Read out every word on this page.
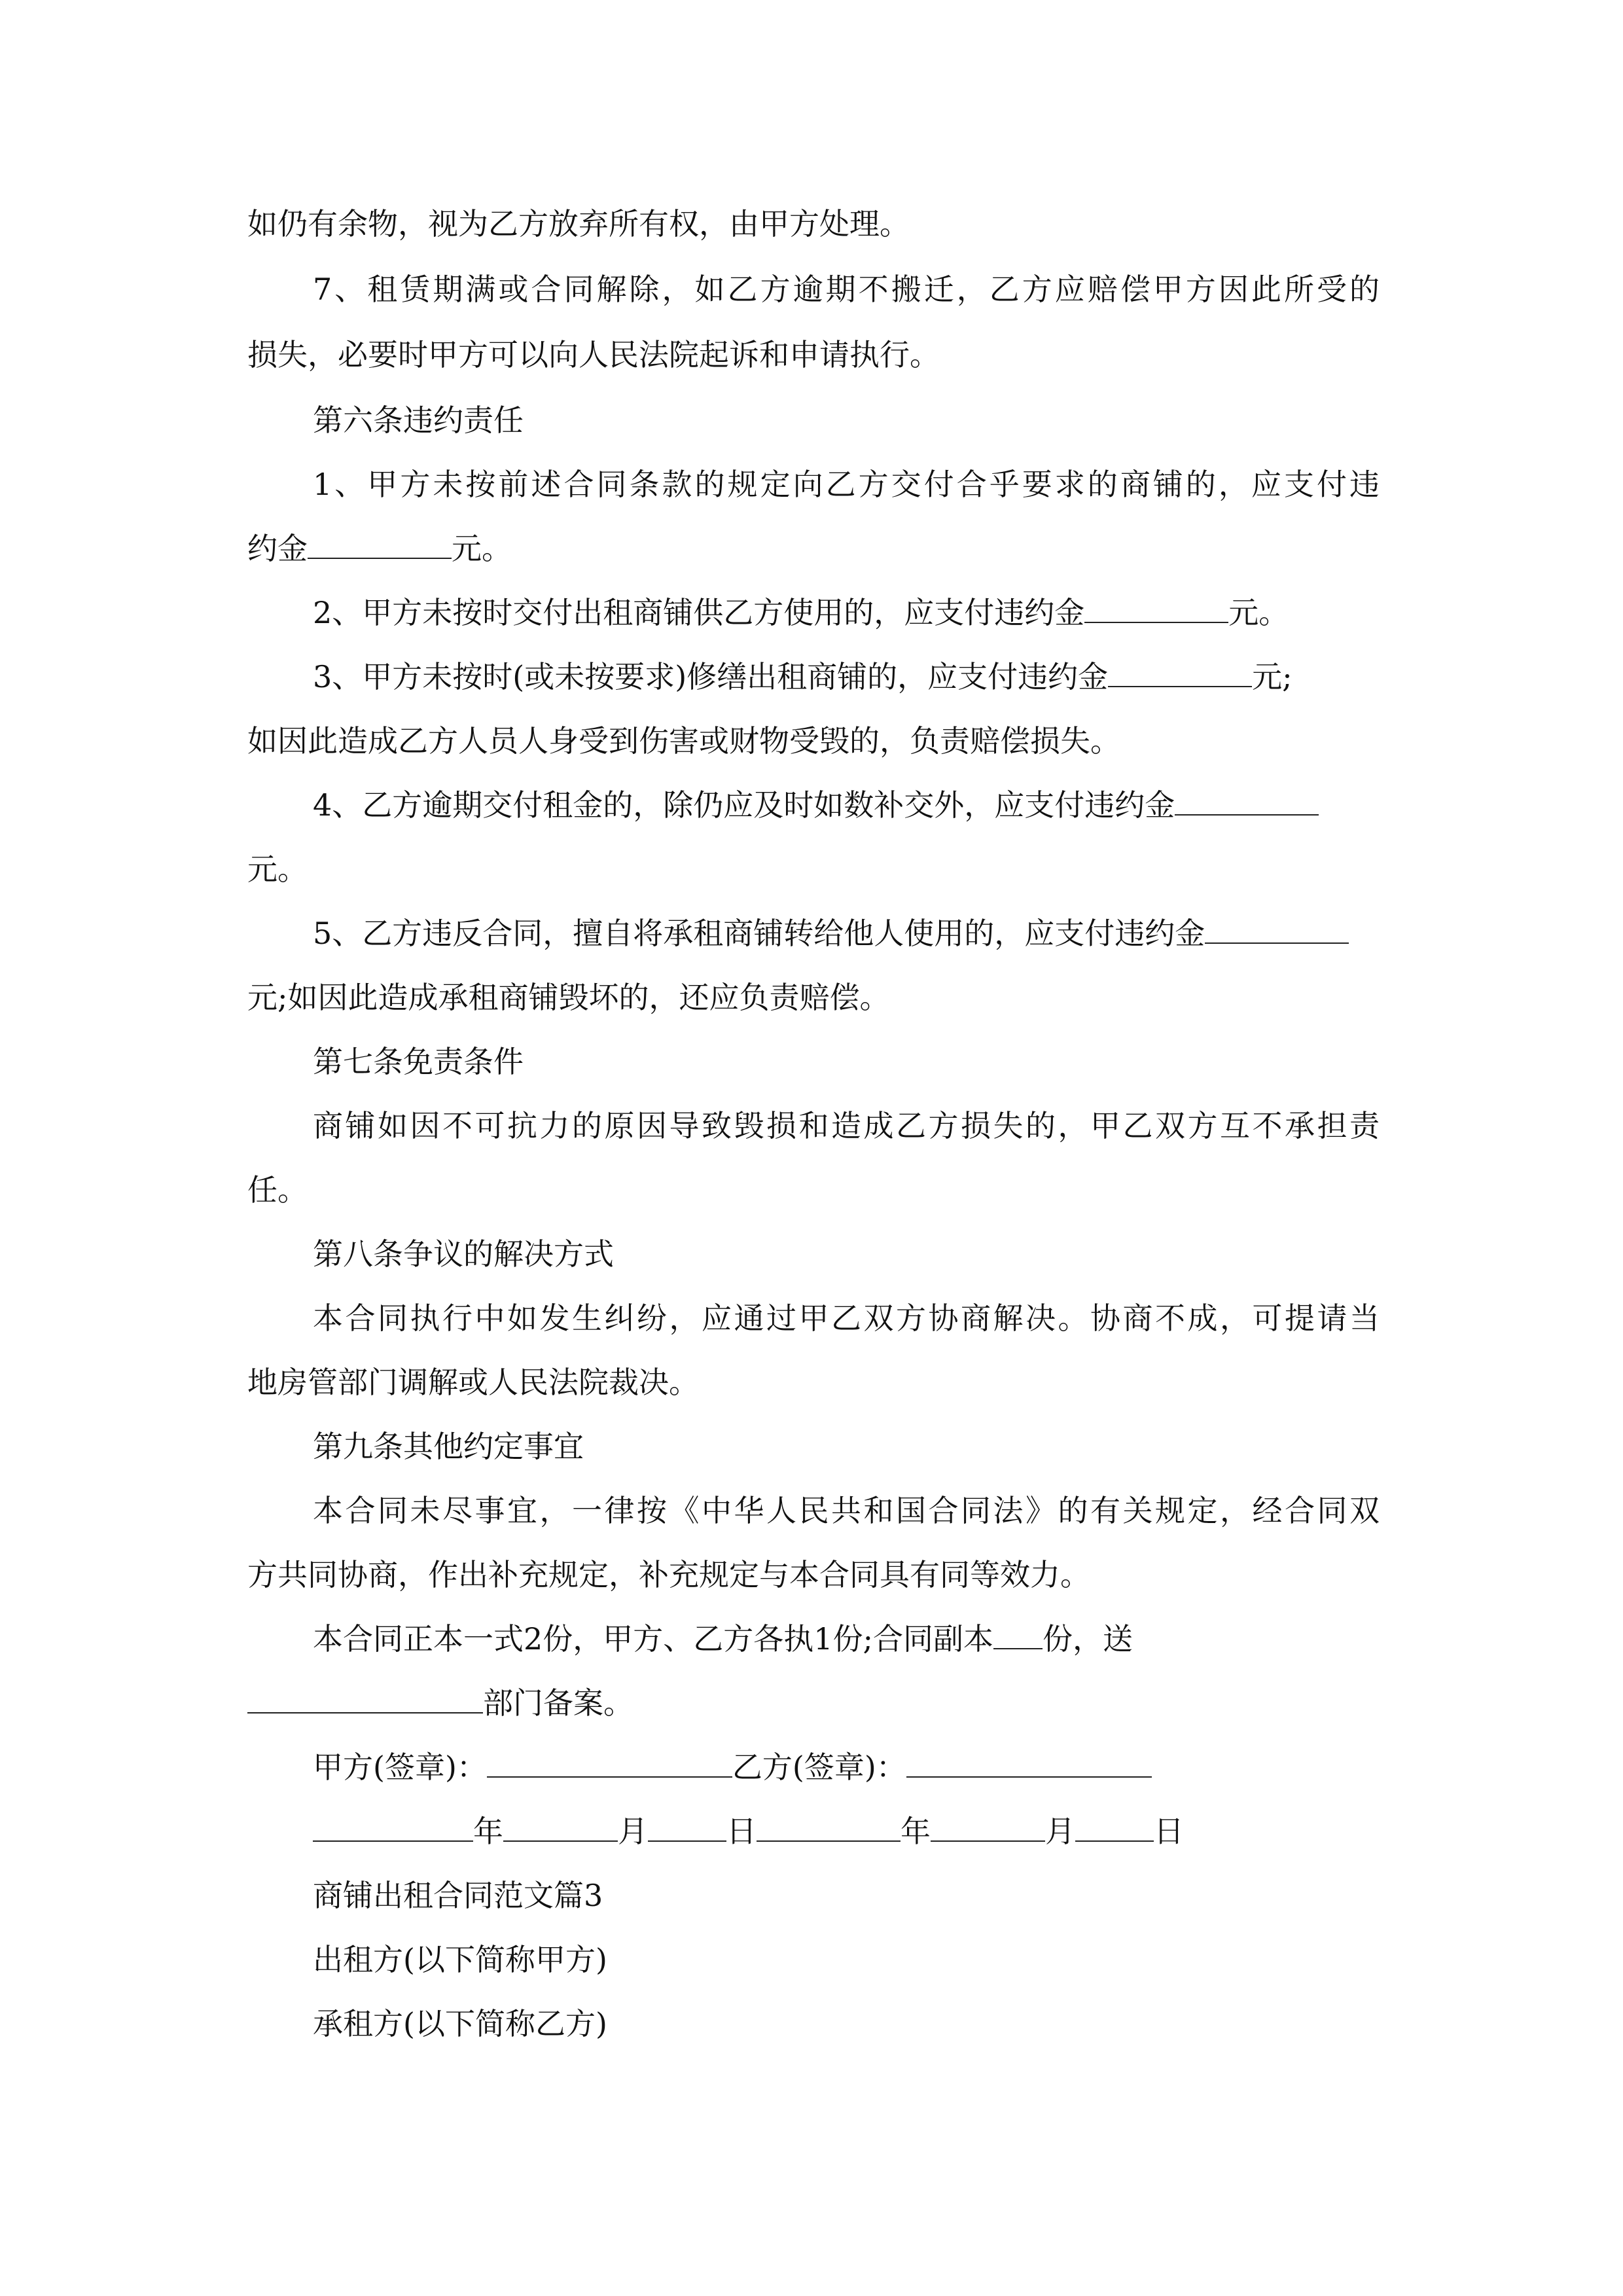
如仍有余物，视为乙方放弃所有权，由甲方处理。
7、租赁期满或合同解除，如乙方逾期不搬迁，乙方应赔偿甲方因此所受的
损失，必要时甲方可以向人民法院起诉和申请执行。
第六条违约责任
1、甲方未按前述合同条款的规定向乙方交付合乎要求的商铺的，应支付违
约金	元。
2、甲方未按时交付出租商铺供乙方使用的，应支付违约金	元。
3、甲方未按时(或未按要求)修缮出租商铺的，应支付违约金	元;
如因此造成乙方人员人身受到伤害或财物受毁的，负责赔偿损失。
4、乙方逾期交付租金的，除仍应及时如数补交外，应支付违约金
元。
5、乙方违反合同，擅自将承租商铺转给他人使用的，应支付违约金
元;如因此造成承租商铺毁坏的，还应负责赔偿。
第七条免责条件
商铺如因不可抗力的原因导致毁损和造成乙方损失的，甲乙双方互不承担责
任。
第八条争议的解决方式
本合同执行中如发生纠纷，应通过甲乙双方协商解决。协商不成，可提请当
地房管部门调解或人民法院裁决。
第九条其他约定事宜
本合同未尽事宜，一律按《中华人民共和国合同法》的有关规定，经合同双
方共同协商，作出补充规定，补充规定与本合同具有同等效力。
本合同正本一式2份，甲方、乙方各执1份;合同副本 份，送
部门备案。
甲方(签章)：	乙方(签章)：
年	月	日	年	月	日
商铺出租合同范文篇3
出租方(以下简称甲方)
承租方(以下简称乙方)
